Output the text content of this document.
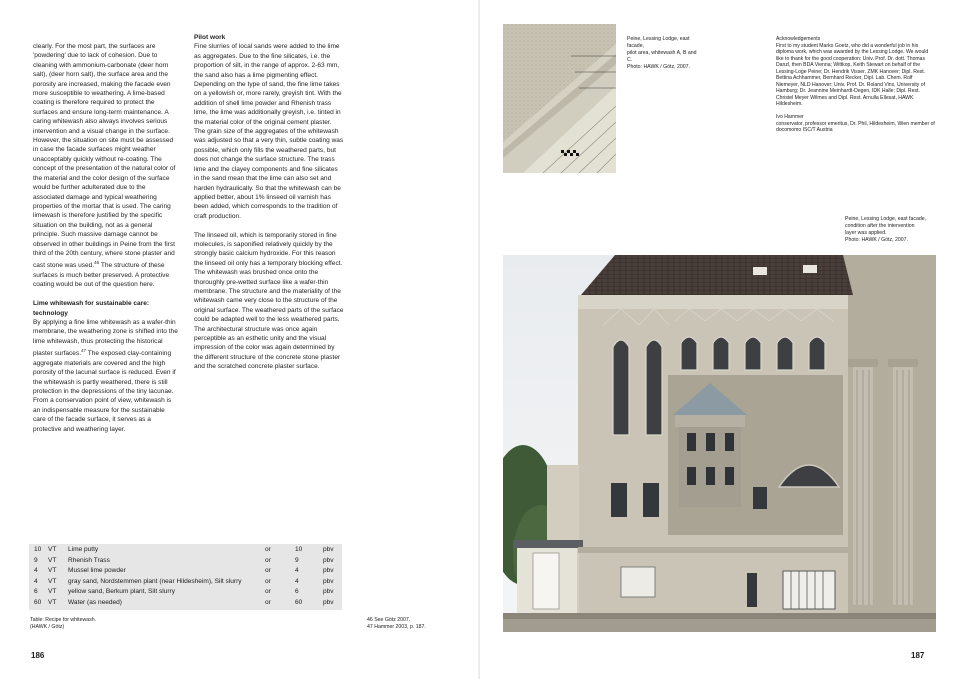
clearly. For the most part, the surfaces are 'powdering' due to lack of cohesion. Due to cleaning with ammonium-carbonate (deer horn salt), (deer horn salt), the surface area and the porosity are increased, making the facade even more susceptible to weathering. A lime-based coating is therefore required to protect the surfaces and ensure long-term maintenance. A caring whitewash also always involves serious intervention and a visual change in the surface. However, the situation on site must be assessed in case the facade surfaces might weather unacceptably quickly without re-coating. The concept of the presentation of the natural color of the material and the color design of the surface would be further adulterated due to the associated damage and typical weathering properties of the mortar that is used. The caring limewash is therefore justified by the specific situation on the building, not as a general principle. Such massive damage cannot be observed in other buildings in Peine from the first third of the 20th century, where stone plaster and cast stone was used.$^{46}$ The structure of these surfaces is much better preserved. A protective coating would be out of the question here.

Lime whitewash for sustainable care: technology

By applying a fine lime whitewash as a wafer-thin membrane, the weathering zone is shifted into the lime whitewash, thus protecting the historical plaster surfaces.$^{47}$ The exposed clay-containing aggregate materials are covered and the high porosity of the lacunal surface is reduced. Even if the whitewash is partly weathered, there is still protection in the depressions of the tiny lacunae. From a conservation point of view, whitewash is an indispensable measure for the sustainable care of the facade surface, it serves as a protective and weathering layer.

Pilot work

Fine slurries of local sands were added to the lime as aggregates. Due to the fine silicates, i.e. the proportion of silt, in the range of approx. 2-63 mm, the sand also has a lime pigmenting effect. Depending on the type of sand, the fine lime takes on a yellowish or, more rarely, greyish tint. With the addition of shell lime powder and Rhenish trass lime, the lime was additionally greyish, i.e. tinted in the material color of the original cement plaster. The grain size of the aggregates of the whitewash was adjusted so that a very thin, subtle coating was possible, which only fills the weathered parts, but does not change the surface structure. The trass lime and the clayey components and fine silicates in the sand mean that the lime can also set and harden hydraulically. So that the whitewash can be applied better, about 1% linseed oil varnish has been added, which corresponds to the tradition of craft production.

The linseed oil, which is temporarily stored in fine molecules, is saponified relatively quickly by the strongly basic calcium hydroxide. For this reason the linseed oil only has a temporary blocking effect. The whitewash was brushed once onto the thoroughly pre-wetted surface like a wafer-thin membrane. The structure and the materiality of the whitewash came very close to the structure of the original surface. The weathered parts of the surface could be adapted well to the less weathered parts. The architectural structure was once again perceptible as an esthetic unity and the visual impression of the color was again determined by the different structure of the concrete stone plaster and the scratched concrete plaster surface.

10 VT Lime putty	or	10	pbv
9 VT Rhenish Trass	or	9	pbv
4 VT Mussel lime powder	or	4	pbv
4 VT gray sand, Nordstemmen plant (near Hildesheim), Silt slurry	or	4	pbv
6 VT yellow sand, Berkum plant, Silt slurry	or	6	pbv
60 VT Water (as needed)	or	60	pbv
Table: Recipe for whitewash.
(HAWK / Götz)
46 See Götz 2007.
47 Hammer 2003, p. 187.
186
Peine, Lessing Lodge, east facade,
pilot area, whitewash A, B and C.
Photo: HAWK / Götz, 2007.

Acknowledgements

First to my student Marko Goetz, who did a wonderful job in his diploma work, which was awarded by the Lessing Lodge. We would like to thank for the good cooperation: Univ. Prof. Dr. dott. Thomas Danzl, then BDA Vienna; Wittkop, Keith Stewart on behalf of the Lessing-Loge Peine; Dr. Hendrik Visser, ZMK Hanover; Dipl. Rest. Bettina Achhammer, Bernhard Recker, Dipl. Lab. Chem. Rolf Niemeyer, NLD Hanover; Univ. Prof. Dr. Roland Vinx, University of Hamburg; Dr. Jeannine Meinhardt-Degen, IDK Halle; Dipl. Rest. Christel Meyer Wilmes and Dipl. Rest. Arnulla Ellesat, HAWK Hildesheim.

Ivo Hammer

conservator, professor emeritus, Dr. Phil, Hildesheim, Wien member of docomomo ISC/T Austria

Peine, Lessing Lodge, east facade,
condition after the intervention
layer was applied.
Photo: HAWK / Götz, 2007.
187
